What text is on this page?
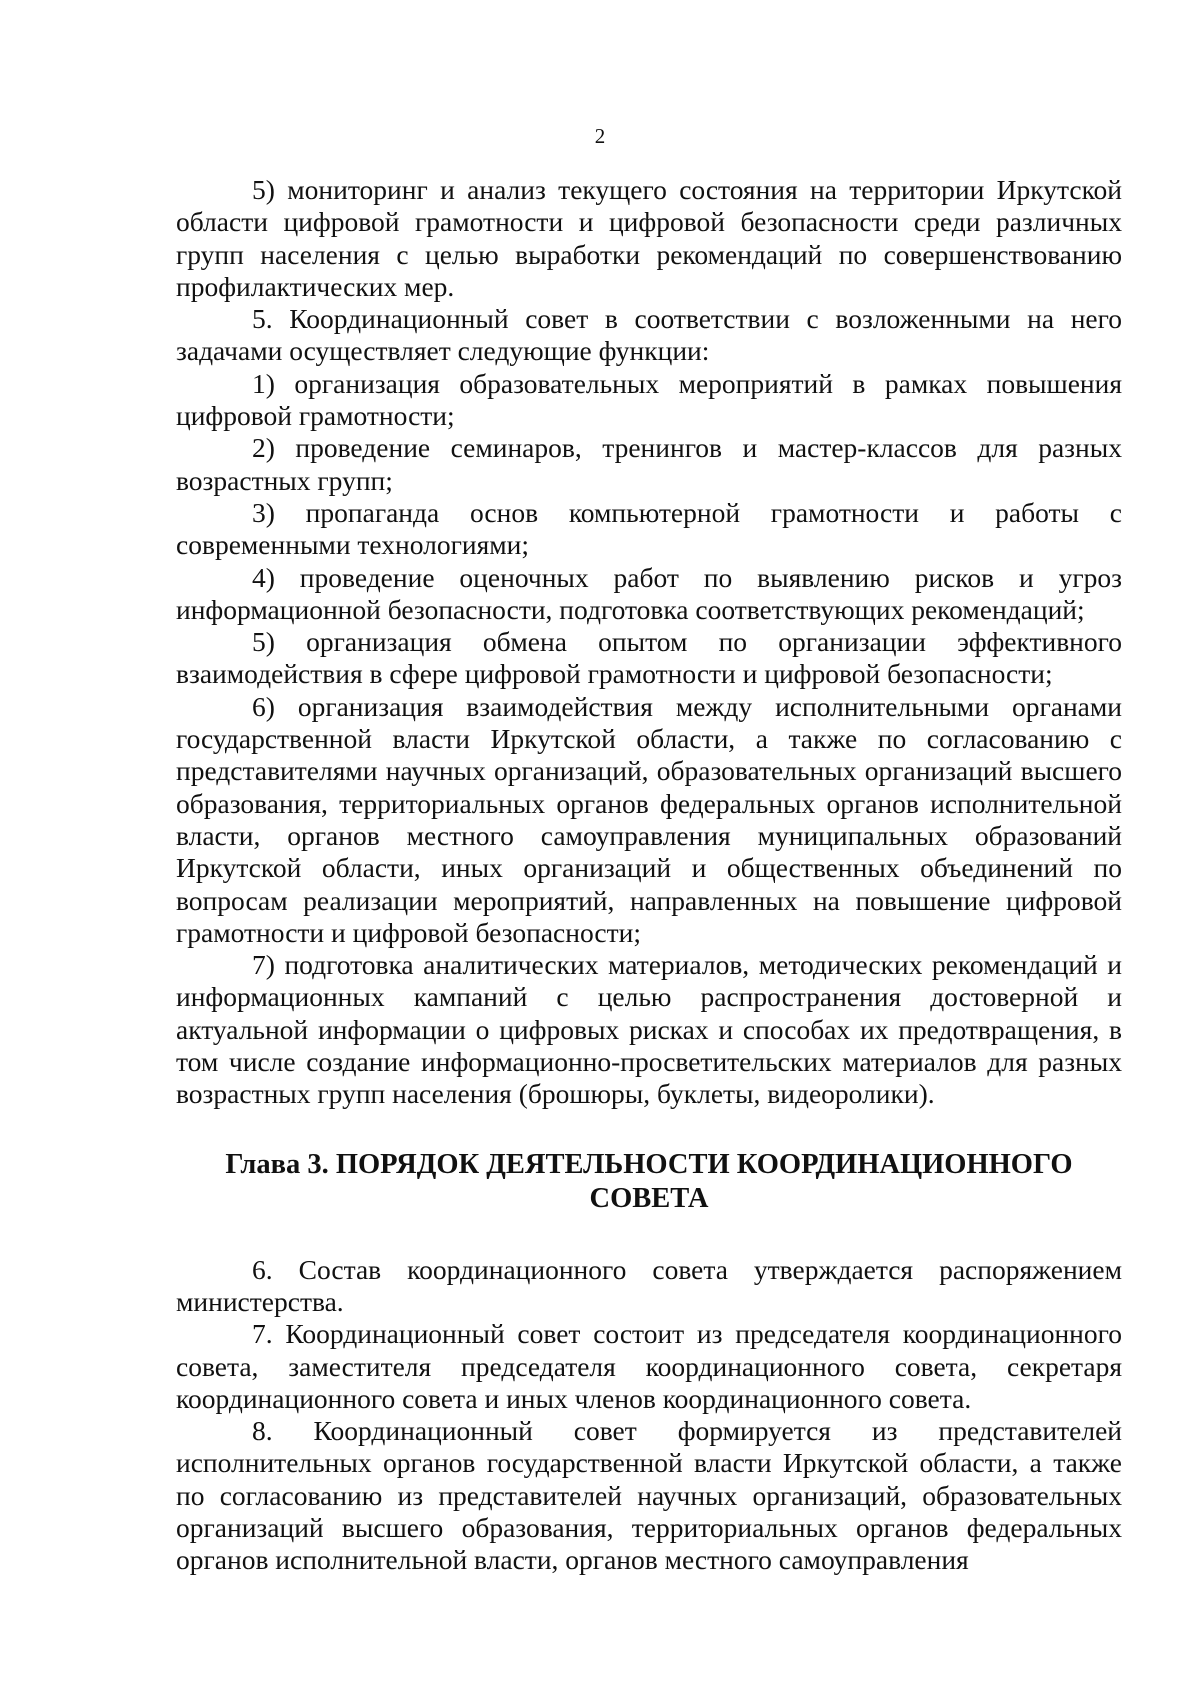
2

5) мониторинг и анализ текущего состояния на территории Иркутской области цифровой грамотности и цифровой безопасности среди различных групп населения с целью выработки рекомендаций по совершенствованию профилактических мер.

5. Координационный совет в соответствии с возложенными на него задачами осуществляет следующие функции:

1) организация образовательных мероприятий в рамках повышения цифровой грамотности;

2) проведение семинаров, тренингов и мастер-классов для разных возрастных групп;

3) пропаганда основ компьютерной грамотности и работы с современными технологиями;

4) проведение оценочных работ по выявлению рисков и угроз информационной безопасности, подготовка соответствующих рекомендаций;

5) организация обмена опытом по организации эффективного взаимодействия в сфере цифровой грамотности и цифровой безопасности;

6) организация взаимодействия между исполнительными органами государственной власти Иркутской области, а также по согласованию с представителями научных организаций, образовательных организаций высшего образования, территориальных органов федеральных органов исполнительной власти, органов местного самоуправления муниципальных образований Иркутской области, иных организаций и общественных объединений по вопросам реализации мероприятий, направленных на повышение цифровой грамотности и цифровой безопасности;

7) подготовка аналитических материалов, методических рекомендаций и информационных кампаний с целью распространения достоверной и актуальной информации о цифровых рисках и способах их предотвращения, в том числе создание информационно-просветительских материалов для разных возрастных групп населения (брошюры, буклеты, видеоролики).

Глава 3. ПОРЯДОК ДЕЯТЕЛЬНОСТИ КООРДИНАЦИОННОГО СОВЕТА

6. Состав координационного совета утверждается распоряжением министерства.

7. Координационный совет состоит из председателя координационного совета, заместителя председателя координационного совета, секретаря координационного совета и иных членов координационного совета.

8. Координационный совет формируется из представителей исполнительных органов государственной власти Иркутской области, а также по согласованию из представителей научных организаций, образовательных организаций высшего образования, территориальных органов федеральных органов исполнительной власти, органов местного самоуправления
